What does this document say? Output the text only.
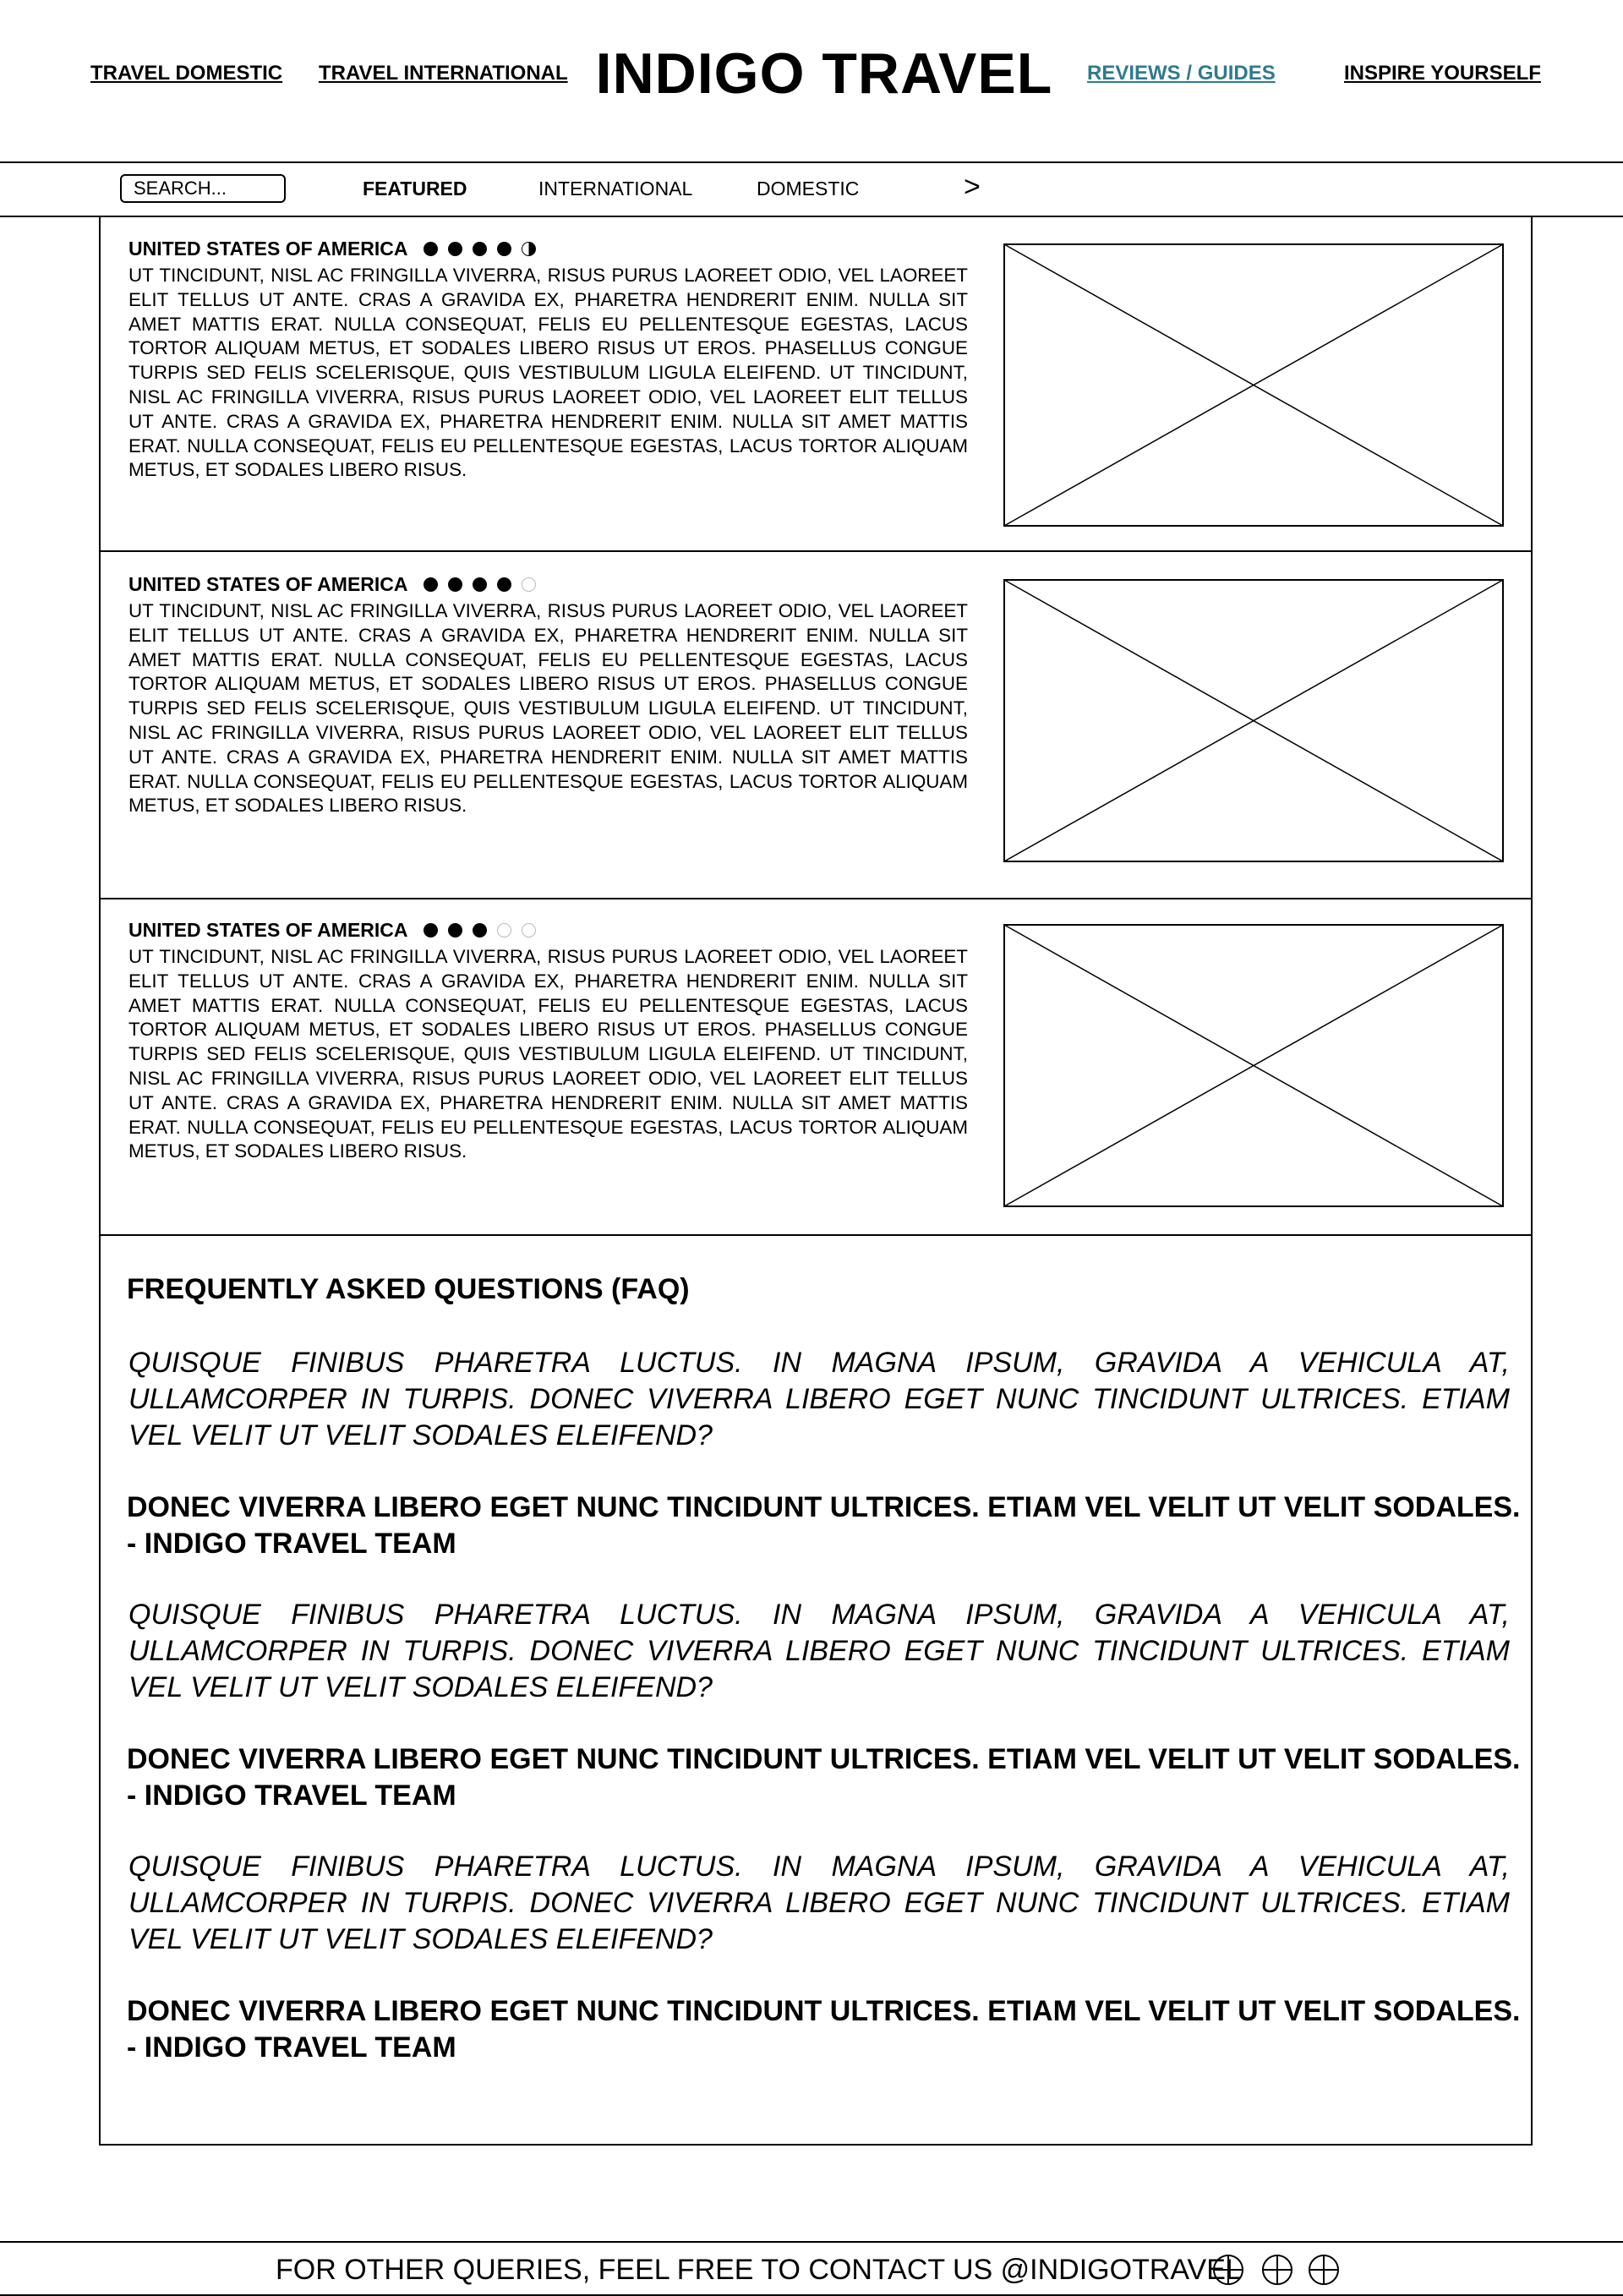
TRAVEL DOMESTIC TRAVEL INTERNATIONAL INDIGO TRAVEL	REVIEWS / GUIDES	INSPIRE YOURSELF
SEARCH...
FEATURED	INTERNATIONAL	DOMESTIC	>
UNITED STATES OF AMERICA
UT TINCIDUNT, NISL AC FRINGILLA VIVERRA, RISUS PURUS LAOREET ODIO, VEL LAOREET ELIT TELLUS UT ANTE. CRAS A GRAVIDA EX, PHARETRA HENDRERIT ENIM. NULLA SIT AMET MATTIS ERAT. NULLA CONSEQUAT, FELIS EU PELLENTESQUE EGESTAS, LACUS TORTOR ALIQUAM METUS, ET SODALES LIBERO RISUS UT EROS. PHASELLUS CONGUE TURPIS SED FELIS SCELERISQUE, QUIS VESTIBULUM LIGULA ELEIFEND. UT TINCIDUNT, NISL AC FRINGILLA VIVERRA, RISUS PURUS LAOREET ODIO, VEL LAOREET ELIT TELLUS UT ANTE. CRAS A GRAVIDA EX, PHARETRA HENDRERIT ENIM. NULLA SIT AMET MATTIS ERAT. NULLA CONSEQUAT, FELIS EU PELLENTESQUE EGESTAS, LACUS TORTOR ALIQUAM METUS, ET SODALES LIBERO RISUS.
UNITED STATES OF AMERICA
UT TINCIDUNT, NISL AC FRINGILLA VIVERRA, RISUS PURUS LAOREET ODIO, VEL LAOREET ELIT TELLUS UT ANTE. CRAS A GRAVIDA EX, PHARETRA HENDRERIT ENIM. NULLA SIT AMET MATTIS ERAT. NULLA CONSEQUAT, FELIS EU PELLENTESQUE EGESTAS, LACUS TORTOR ALIQUAM METUS, ET SODALES LIBERO RISUS UT EROS. PHASELLUS CONGUE TURPIS SED FELIS SCELERISQUE, QUIS VESTIBULUM LIGULA ELEIFEND. UT TINCIDUNT, NISL AC FRINGILLA VIVERRA, RISUS PURUS LAOREET ODIO, VEL LAOREET ELIT TELLUS UT ANTE. CRAS A GRAVIDA EX, PHARETRA HENDRERIT ENIM. NULLA SIT AMET MATTIS ERAT. NULLA CONSEQUAT, FELIS EU PELLENTESQUE EGESTAS, LACUS TORTOR ALIQUAM METUS, ET SODALES LIBERO RISUS.
UNITED STATES OF AMERICA
UT TINCIDUNT, NISL AC FRINGILLA VIVERRA, RISUS PURUS LAOREET ODIO, VEL LAOREET ELIT TELLUS UT ANTE. CRAS A GRAVIDA EX, PHARETRA HENDRERIT ENIM. NULLA SIT AMET MATTIS ERAT. NULLA CONSEQUAT, FELIS EU PELLENTESQUE EGESTAS, LACUS TORTOR ALIQUAM METUS, ET SODALES LIBERO RISUS UT EROS. PHASELLUS CONGUE TURPIS SED FELIS SCELERISQUE, QUIS VESTIBULUM LIGULA ELEIFEND. UT TINCIDUNT, NISL AC FRINGILLA VIVERRA, RISUS PURUS LAOREET ODIO, VEL LAOREET ELIT TELLUS UT ANTE. CRAS A GRAVIDA EX, PHARETRA HENDRERIT ENIM. NULLA SIT AMET MATTIS ERAT. NULLA CONSEQUAT, FELIS EU PELLENTESQUE EGESTAS, LACUS TORTOR ALIQUAM METUS, ET SODALES LIBERO RISUS.
FREQUENTLY ASKED QUESTIONS (FAQ)
QUISQUE FINIBUS PHARETRA LUCTUS. IN MAGNA IPSUM, GRAVIDA A VEHICULA AT, ULLAMCORPER IN TURPIS. DONEC VIVERRA LIBERO EGET NUNC TINCIDUNT ULTRICES. ETIAM VEL VELIT UT VELIT SODALES ELEIFEND?
DONEC VIVERRA LIBERO EGET NUNC TINCIDUNT ULTRICES. ETIAM VEL VELIT UT VELIT SODALES.
- INDIGO TRAVEL TEAM
QUISQUE FINIBUS PHARETRA LUCTUS. IN MAGNA IPSUM, GRAVIDA A VEHICULA AT, ULLAMCORPER IN TURPIS. DONEC VIVERRA LIBERO EGET NUNC TINCIDUNT ULTRICES. ETIAM VEL VELIT UT VELIT SODALES ELEIFEND?
DONEC VIVERRA LIBERO EGET NUNC TINCIDUNT ULTRICES. ETIAM VEL VELIT UT VELIT SODALES.
- INDIGO TRAVEL TEAM
QUISQUE FINIBUS PHARETRA LUCTUS. IN MAGNA IPSUM, GRAVIDA A VEHICULA AT, ULLAMCORPER IN TURPIS. DONEC VIVERRA LIBERO EGET NUNC TINCIDUNT ULTRICES. ETIAM VEL VELIT UT VELIT SODALES ELEIFEND?
DONEC VIVERRA LIBERO EGET NUNC TINCIDUNT ULTRICES. ETIAM VEL VELIT UT VELIT SODALES.
- INDIGO TRAVEL TEAM
FOR OTHER QUERIES, FEEL FREE TO CONTACT US @INDIGOTRAVEL
